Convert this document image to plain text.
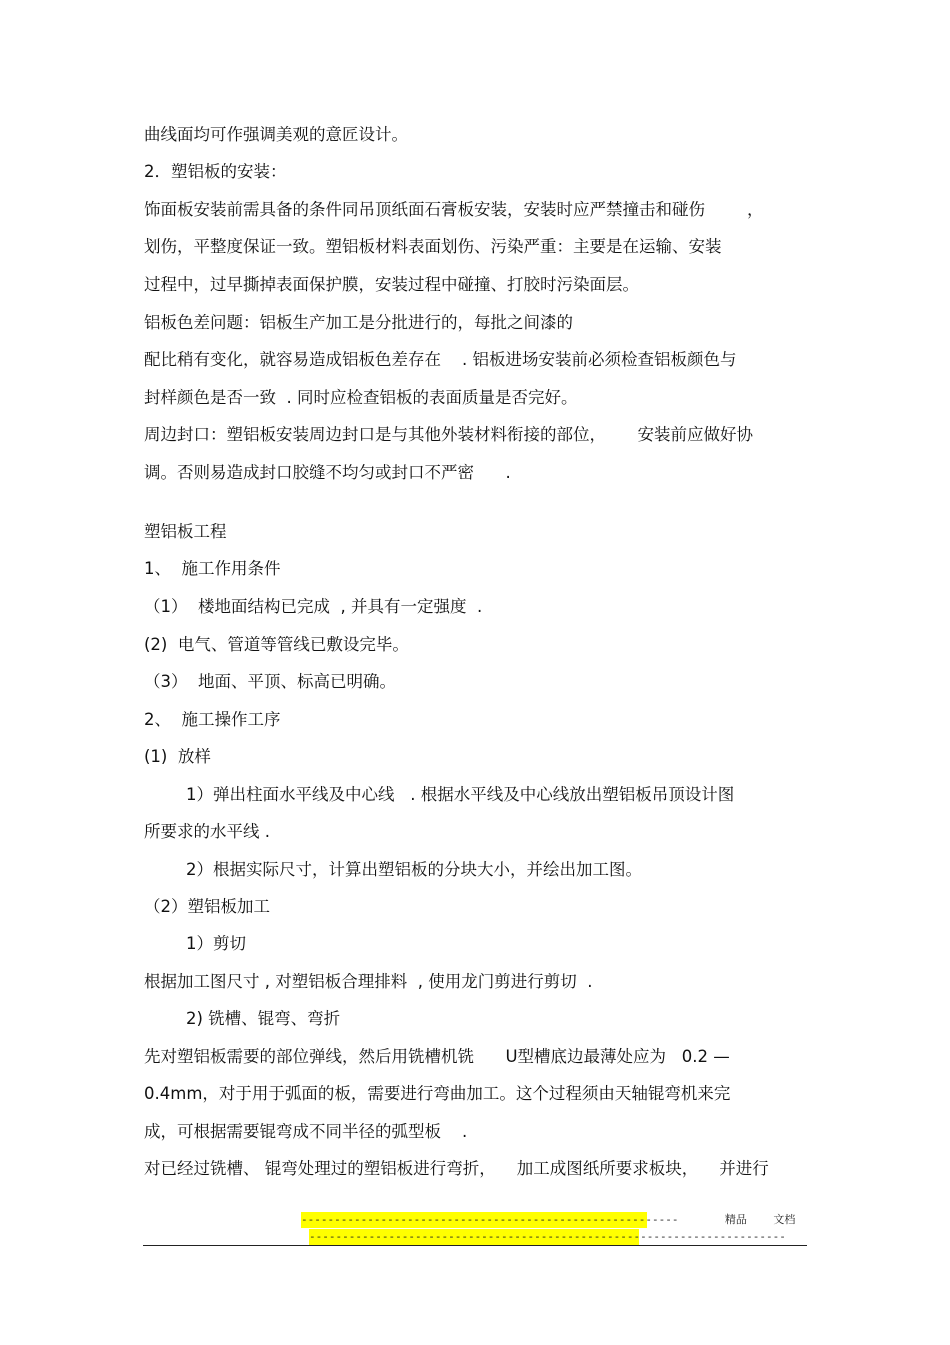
曲线面均可作强调美观的意匠设计。
2．塑铝板的安装：
饰面板安装前需具备的条件同吊顶纸面石膏板安装，安装时应严禁撞击和碰伤        ，
划伤，平整度保证一致。塑铝板材料表面划伤、污染严重：主要是在运输、安装
过程中，过早撕掉表面保护膜，安装过程中碰撞、打胶时污染面层。
铝板色差问题：铝板生产加工是分批进行的，每批之间漆的
配比稍有变化，就容易造成铝板色差存在    . 铝板进场安装前必须检查铝板颜色与
封样颜色是否一致  . 同时应检查铝板的表面质量是否完好。
周边封口：塑铝板安装周边封口是与其他外装材料衔接的部位，      安装前应做好协
调。否则易造成封口胶缝不均匀或封口不严密      .
塑铝板工程
1、  施工作用条件
（1）  楼地面结构已完成  , 并具有一定强度  .
(2)  电气、管道等管线已敷设完毕。
（3）  地面、平顶、标高已明确。
2、  施工操作工序
(1)  放样
1）弹出柱面水平线及中心线   . 根据水平线及中心线放出塑铝板吊顶设计图
所要求的水平线 .
2）根据实际尺寸，计算出塑铝板的分块大小，并绘出加工图。
（2）塑铝板加工
1）剪切
根据加工图尺寸 , 对塑铝板合理排料  , 使用龙门剪进行剪切  .
2) 铣槽、锟弯、弯折
先对塑铝板需要的部位弹线，然后用铣槽机铣      U型槽底边最薄处应为   0.2 —
0.4mm，对于用于弧面的板，需要进行弯曲加工。这个过程须由天轴锟弯机来完
成，可根据需要锟弯成不同半径的弧型板    .
对已经过铣槽、 锟弯处理过的塑铝板进行弯折，    加工成图纸所要求板块，    并进行
---------------------------------------------------------       精品    文档
------------------------------------------------------------------------
